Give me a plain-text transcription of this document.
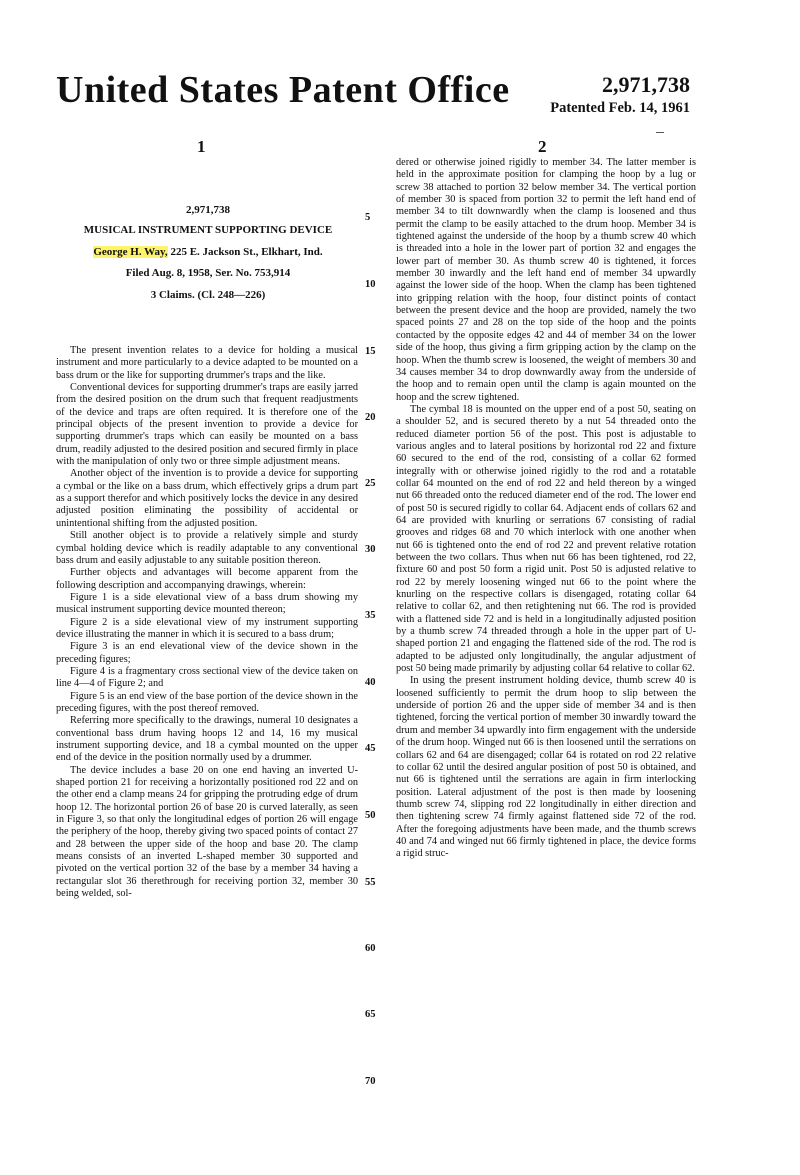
United States Patent Office	2,971,738
Patented Feb. 14, 1961
1	2
2,971,738
MUSICAL INSTRUMENT SUPPORTING DEVICE
George H. Way, 225 E. Jackson St., Elkhart, Ind.
Filed Aug. 8, 1958, Ser. No. 753,914
3 Claims. (Cl. 248—226)

The present invention relates to a device for holding a musical instrument and more particularly to a device adapted to be mounted on a bass drum or the like for supporting drummer's traps and the like.

Conventional devices for supporting drummer's traps are easily jarred from the desired position on the drum such that frequent readjustments of the device and traps are often required. It is therefore one of the principal objects of the present invention to provide a device for supporting drummer's traps which can easily be mounted on a bass drum, readily adjusted to the desired position and secured firmly in place with the manipulation of only two or three simple adjustment means.

Another object of the invention is to provide a device for supporting a cymbal or the like on a bass drum, which effectively grips a drum part as a support therefor and which positively locks the device in any desired adjusted position eliminating the possibility of accidental or unintentional shifting from the adjusted position.

Still another object is to provide a relatively simple and sturdy cymbal holding device which is readily adaptable to any conventional bass drum and easily adjustable to any suitable position thereon.

Further objects and advantages will become apparent from the following description and accompanying drawings, wherein:

Figure 1 is a side elevational view of a bass drum showing my musical instrument supporting device mounted thereon;

Figure 2 is a side elevational view of my instrument supporting device illustrating the manner in which it is secured to a bass drum;

Figure 3 is an end elevational view of the device shown in the preceding figures;

Figure 4 is a fragmentary cross sectional view of the device taken on line 4—4 of Figure 2; and

Figure 5 is an end view of the base portion of the device shown in the preceding figures, with the post thereof removed.

Referring more specifically to the drawings, numeral 10 designates a conventional bass drum having hoops 12 and 14, 16 my musical instrument supporting device, and 18 a cymbal mounted on the upper end of the device in the position normally used by a drummer.

The device includes a base 20 on one end having an inverted U-shaped portion 21 for receiving a horizontally positioned rod 22 and on the other end a clamp means 24 for gripping the protruding edge of drum hoop 12. The horizontal portion 26 of base 20 is curved laterally, as seen in Figure 3, so that only the longitudinal edges of portion 26 will engage the periphery of the hoop, thereby giving two spaced points of contact 27 and 28 between the upper side of the hoop and base 20. The clamp means consists of an inverted L-shaped member 30 supported and pivoted on the vertical portion 32 of the base by a member 34 having a rectangular slot 36 therethrough for receiving portion 32, member 30 being welded, sol-

dered or otherwise joined rigidly to member 34. The latter member is held in the approximate position for clamping the hoop by a lug or screw 38 attached to portion 32 below member 34. The vertical portion of member 30 is spaced from portion 32 to permit the left hand end of member 34 to tilt downwardly when the clamp is loosened and thus permit the clamp to be easily attached to the drum hoop. Member 34 is tightened against the underside of the hoop by a thumb screw 40 which is threaded into a hole in the lower part of portion 32 and engages the lower part of member 30. As thumb screw 40 is tightened, it forces member 30 inwardly and the left hand end of member 34 upwardly against the lower side of the hoop. When the clamp has been tightened into gripping relation with the hoop, four distinct points of contact between the present device and the hoop are provided, namely the two spaced points 27 and 28 on the top side of the hoop and the points contacted by the opposite edges 42 and 44 of member 34 on the lower side of the hoop, thus giving a firm gripping action by the clamp on the hoop. When the thumb screw is loosened, the weight of members 30 and 34 causes member 34 to drop downwardly away from the underside of the hoop and to remain open until the clamp is again mounted on the hoop and the screw tightened.

The cymbal 18 is mounted on the upper end of a post 50, seating on a shoulder 52, and is secured thereto by a nut 54 threaded onto the reduced diameter portion 56 of the post. This post is adjustable to various angles and to lateral positions by horizontal rod 22 and fixture 60 secured to the end of the rod, consisting of a collar 62 formed integrally with or otherwise joined rigidly to the rod and a rotatable collar 64 mounted on the end of rod 22 and held thereon by a winged nut 66 threaded onto the reduced diameter end of the rod. The lower end of post 50 is secured rigidly to collar 64. Adjacent ends of collars 62 and 64 are provided with knurling or serrations 67 consisting of radial grooves and ridges 68 and 70 which interlock with one another when nut 66 is tightened onto the end of rod 22 and prevent relative rotation between the two collars. Thus when nut 66 has been tightened, rod 22, fixture 60 and post 50 form a rigid unit. Post 50 is adjusted relative to rod 22 by merely loosening winged nut 66 to the point where the knurling on the respective collars is disengaged, rotating collar 64 relative to collar 62, and then retightening nut 66. The rod is provided with a flattened side 72 and is held in a longitudinally adjusted position by a thumb screw 74 threaded through a hole in the upper part of U-shaped portion 21 and engaging the flattened side of the rod. The rod is adapted to be adjusted only longitudinally, the angular adjustment of post 50 being made primarily by adjusting collar 64 relative to collar 62.

In using the present instrument holding device, thumb screw 40 is loosened sufficiently to permit the drum hoop to slip between the underside of portion 26 and the upper side of member 34 and is then tightened, forcing the vertical portion of member 30 inwardly toward the drum and member 34 upwardly into firm engagement with the underside of the drum hoop. Winged nut 66 is then loosened until the serrations on collars 62 and 64 are disengaged; collar 64 is rotated on rod 22 relative to collar 62 until the desired angular position of post 50 is obtained, and nut 66 is tightened until the serrations are again in firm interlocking position. Lateral adjustment of the post is then made by loosening thumb screw 74, slipping rod 22 longitudinally in either direction and then tightening screw 74 firmly against flattened side 72 of the rod. After the foregoing adjustments have been made, and the thumb screws 40 and 74 and winged nut 66 firmly tightened in place, the device forms a rigid struc-

5
10
15
20
25
30
35
40
45
50
55
60
65
70
